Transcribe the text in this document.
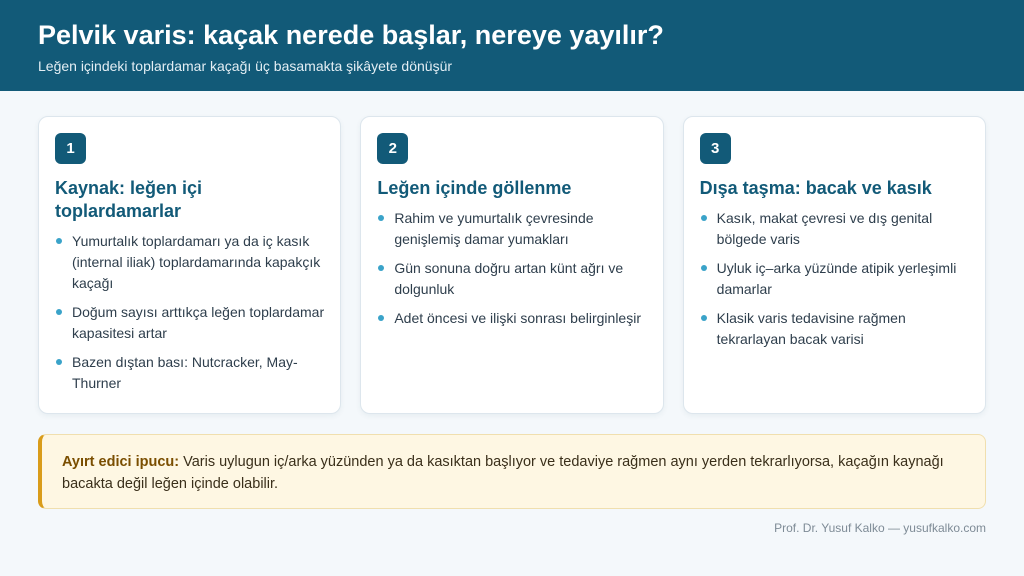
Pelvik varis: kaçak nerede başlar, nereye yayılır?
Leğen içindeki toplardamar kaçağı üç basamakta şikâyete dönüşür
1
Kaynak: leğen içi toplardamarlar
Yumurtalık toplardamarı ya da iç kasık (internal iliak) toplardamarında kapakçık kaçağı
Doğum sayısı arttıkça leğen toplardamar kapasitesi artar
Bazen dıştan bası: Nutcracker, May-Thurner
2
Leğen içinde göllenme
Rahim ve yumurtalık çevresinde genişlemiş damar yumakları
Gün sonuna doğru artan künt ağrı ve dolgunluk
Adet öncesi ve ilişki sonrası belirginleşir
3
Dışa taşma: bacak ve kasık
Kasık, makat çevresi ve dış genital bölgede varis
Uyluk iç–arka yüzünde atipik yerleşimli damarlar
Klasik varis tedavisine rağmen tekrarlayan bacak varisi
Ayırt edici ipucu: Varis uylugun iç/arka yüzünden ya da kasıktan başlıyor ve tedaviye rağmen aynı yerden tekrarlıyorsa, kaçağın kaynağı bacakta değil leğen içinde olabilir.
Prof. Dr. Yusuf Kalko — yusufkalko.com
